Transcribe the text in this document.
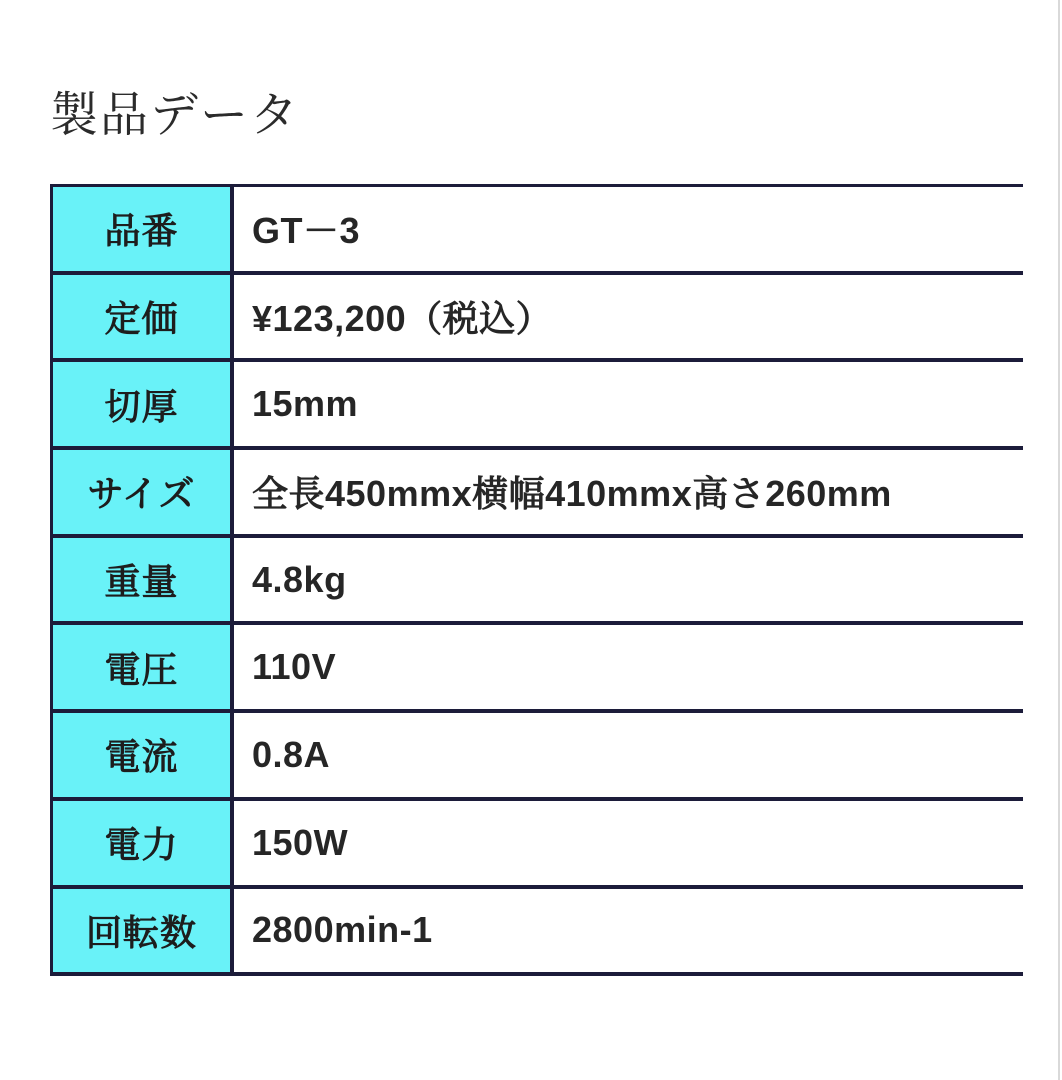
製品データ
品番	GT－3
定価	¥123,200（税込）
切厚	15mm
サイズ	全長450mmx横幅410mmx高さ260mm
重量	4.8kg
電圧	110V
電流	0.8A
電力	150W
回転数	2800min-1
